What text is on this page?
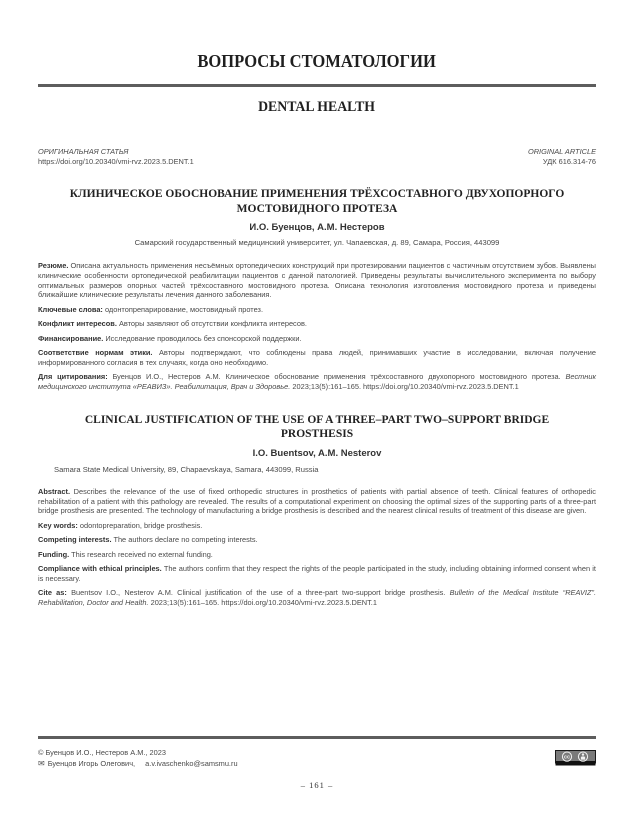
ВОПРОСЫ СТОМАТОЛОГИИ
DENTAL HEALTH
ОРИГИНАЛЬНАЯ СТАТЬЯ
https://doi.org/10.20340/vmi-rvz.2023.5.DENT.1
ORIGINAL ARTICLE
УДК 616.314-76
КЛИНИЧЕСКОЕ ОБОСНОВАНИЕ ПРИМЕНЕНИЯ ТРЁХСОСТАВНОГО ДВУХОПОРНОГО МОСТОВИДНОГО ПРОТЕЗА
И.О. Буенцов, А.М. Нестеров
Самарский государственный медицинский университет, ул. Чапаевская, д. 89, Самара, Россия, 443099

Резюме. Описана актуальность применения несъёмных ортопедических конструкций при протезировании пациентов с частичным отсутствием зубов. Выявлены клинические особенности ортопедической реабилитации пациентов с данной патологией. Приведены результаты вычислительного эксперимента по выбору оптимальных размеров опорных частей трёхсоставного мостовидного протеза. Описана технология изготовления мостовидного протеза и приведены ближайшие клинические результаты лечения данного заболевания.

Ключевые слова: одонтопрепарирование, мостовидный протез.

Конфликт интересов. Авторы заявляют об отсутствии конфликта интересов.

Финансирование. Исследование проводилось без спонсорской поддержки.

Соответствие нормам этики. Авторы подтверждают, что соблюдены права людей, принимавших участие в исследовании, включая получение информированного согласия в тех случаях, когда оно необходимо.

Для цитирования: Буенцов И.О., Нестеров А.М. Клиническое обоснование применения трёхсоставного двухопорного мостовидного протеза. Вестник медицинского института «РЕАВИЗ». Реабилитация, Врач и Здоровье. 2023;13(5):161–165. https://doi.org/10.20340/vmi-rvz.2023.5.DENT.1

CLINICAL JUSTIFICATION OF THE USE OF A THREE–PART TWO–SUPPORT BRIDGE PROSTHESIS
I.O. Buentsov, A.M. Nesterov
Samara State Medical University, 89, Chapaevskaya, Samara, 443099, Russia

Abstract. Describes the relevance of the use of fixed orthopedic structures in prosthetics of patients with partial absence of teeth. Clinical features of orthopedic rehabilitation of a patient with this pathology are revealed. The results of a computational experiment on choosing the optimal sizes of the supporting parts of a three-part bridge prosthesis are presented. The technology of manufacturing a bridge prosthesis is described and the nearest clinical results of treatment of this disease are given.

Key words: odontopreparation, bridge prosthesis.

Competing interests. The authors declare no competing interests.

Funding. This research received no external funding.

Compliance with ethical principles. The authors confirm that they respect the rights of the people participated in the study, including obtaining informed consent when it is necessary.

Cite as: Buentsov I.O., Nesterov A.M. Clinical justification of the use of a three-part two-support bridge prosthesis. Bulletin of the Medical Institute “REAVIZ”. Rehabilitation, Doctor and Health. 2023;13(5):161–165. https://doi.org/10.20340/vmi-rvz.2023.5.DENT.1

© Буенцов И.О., Нестеров А.М., 2023
✉ Буенцов Игорь Олегович, a.v.ivaschenko@samsmu.ru
cc
– 161 –
